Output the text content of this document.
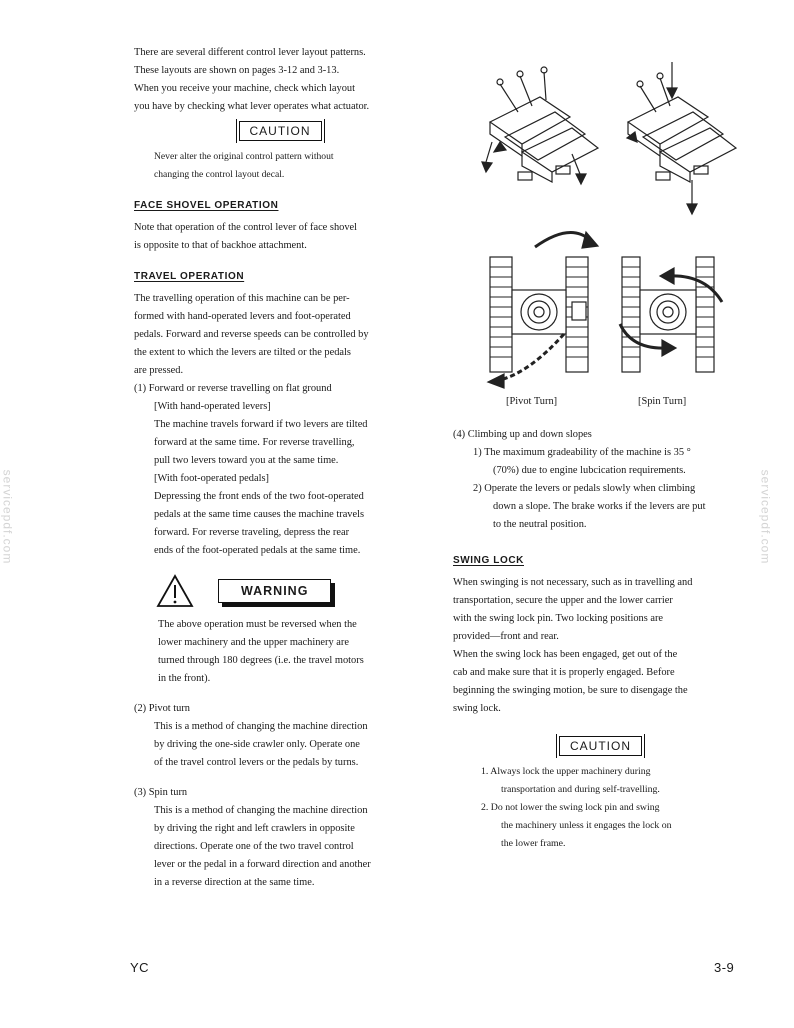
There are several different control lever layout patterns.

These layouts are shown on pages 3-12 and 3-13.

When you receive your machine, check which layout

you have by checking what lever operates what actuator.

CAUTION

Never alter the original control pattern without

changing the control layout decal.

FACE SHOVEL OPERATION

Note that operation of the control lever of face shovel

is opposite to that of backhoe attachment.

TRAVEL OPERATION

The travelling operation of this machine can be per-

formed with hand-operated levers and foot-operated

pedals. Forward and reverse speeds can be controlled by

the extent to which the levers are tilted or the pedals

are pressed.

(1) Forward or reverse travelling on flat ground

[With hand-operated levers]

The machine travels forward if two levers are tilted

forward at the same time. For reverse travelling,

pull two levers toward you at the same time.

[With foot-operated pedals]

Depressing the front ends of the two foot-operated

pedals at the same time causes the machine travels

forward. For reverse traveling, depress the rear

ends of the foot-operated pedals at the same time.

WARNING

The above operation must be reversed when the

lower machinery and the upper machinery are

turned through 180 degrees (i.e. the travel motors

in the front).

(2) Pivot turn

This is a method of changing the machine direction

by driving the one-side crawler only. Operate one

of the travel control levers or the pedals by turns.

(3) Spin turn

This is a method of changing the machine direction

by driving the right and left crawlers in opposite

directions. Operate one of the two travel control

lever or the pedal in a forward direction and another

in a reverse direction at the same time.

[Pivot Turn]	[Spin Turn]

(4) Climbing up and down slopes

1) The maximum gradeability of the machine is 35 °

(70%) due to engine lubcication requirements.

2) Operate the levers or pedals slowly when climbing

down a slope. The brake works if the levers are put

to the neutral position.

SWING LOCK

When swinging is not necessary, such as in travelling and

transportation, secure the upper and the lower carrier

with the swing lock pin. Two locking positions are

provided—front and rear.

When the swing lock has been engaged, get out of the

cab and make sure that it is properly engaged. Before

beginning the swinging motion, be sure to disengage the

swing lock.

CAUTION

1. Always lock the upper machinery during

transportation and during self-travelling.

2. Do not lower the swing lock pin and swing

the machinery unless it engages the lock on

the lower frame.

YC	3-9
servicepdf.com	servicepdf.com
